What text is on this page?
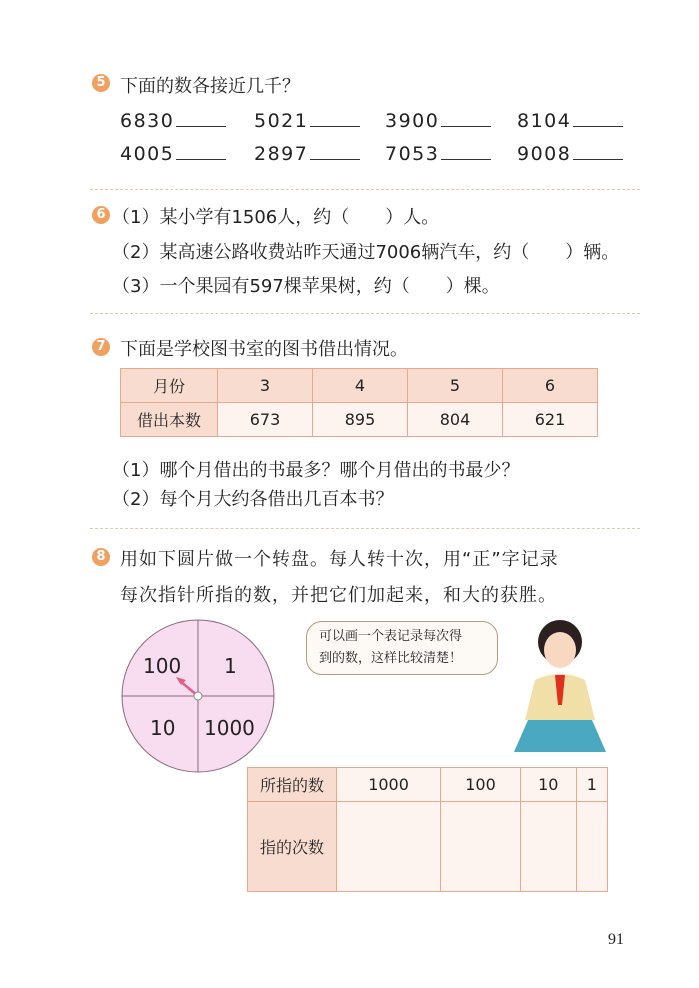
5 下面的数各接近几千？
6830	5021	3900	8104
4005	2897	7053	9008
6 （1）某小学有1506人，约（　　）人。
（2）某高速公路收费站昨天通过7006辆汽车，约（　　）辆。
（3）一个果园有597棵苹果树，约（　　）棵。
7 下面是学校图书室的图书借出情况。
月份	3	4	5	6
借出本数	673	895	804	621
（1）哪个月借出的书最多？哪个月借出的书最少？
（2）每个月大约各借出几百本书？
8 用如下圆片做一个转盘。每人转十次，用“正”字记录
每次指针所指的数，并把它们加起来，和大的获胜。
100 1
10 1000
可以画一个表记录每次得
到的数，这样比较清楚！
所指的数	1000	100	10	1
指的次数				
91
